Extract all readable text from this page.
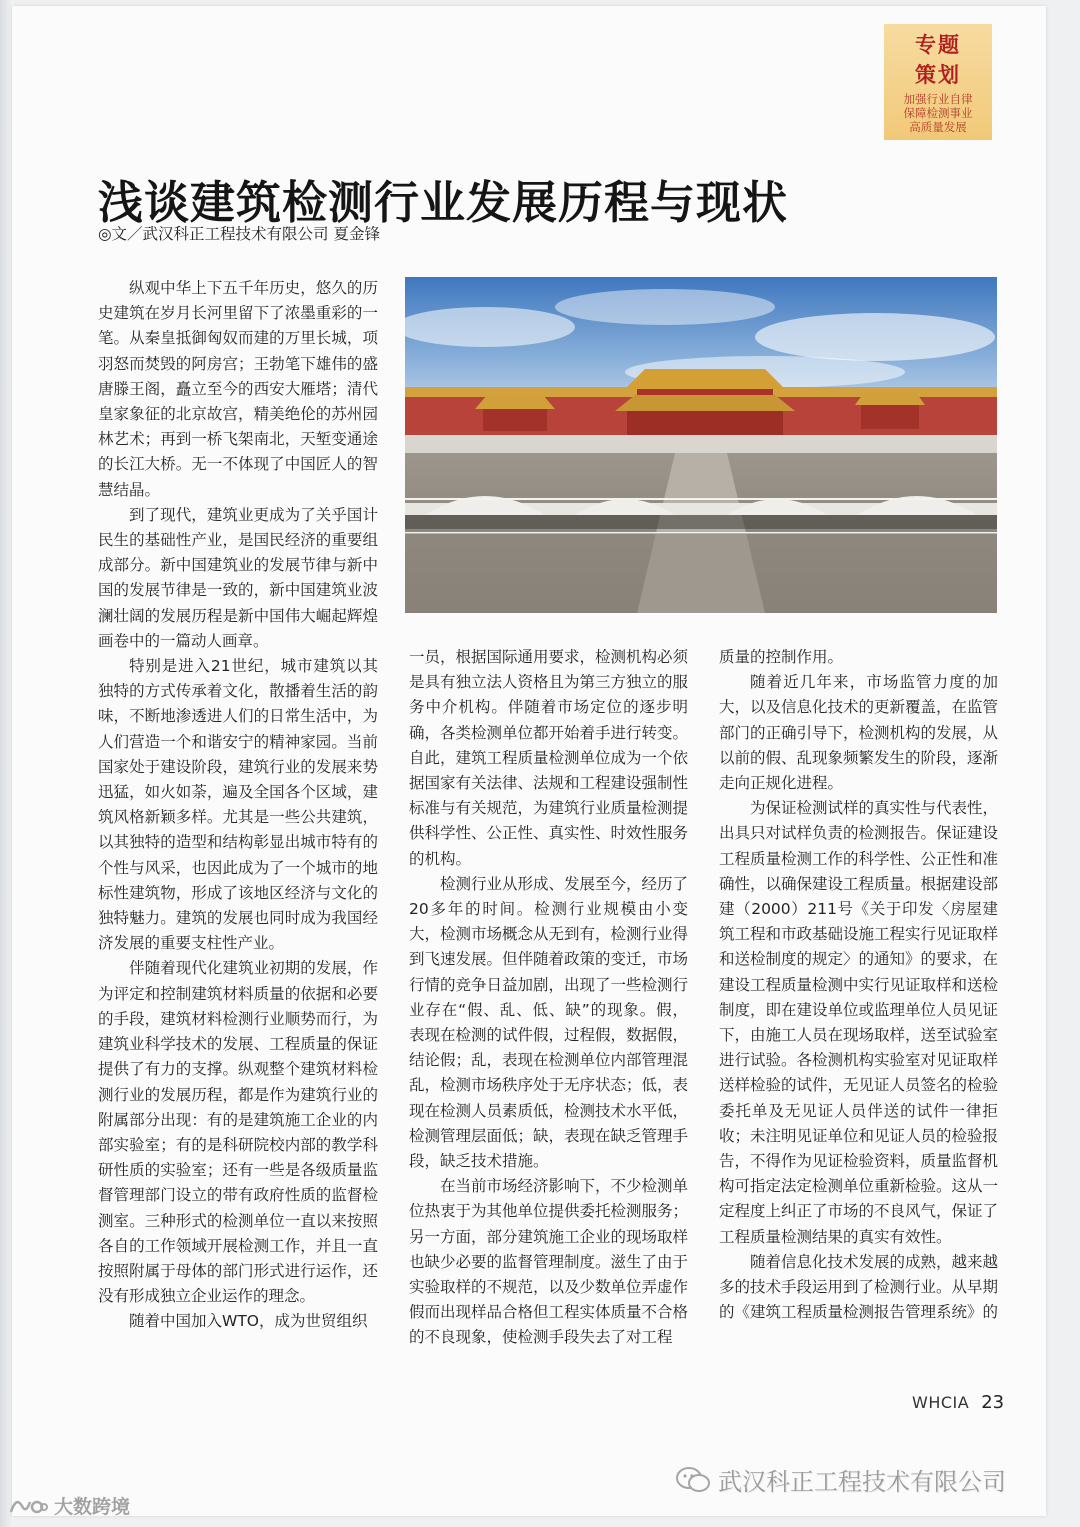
专题策划
加强行业自律
保障检测事业
高质量发展
浅谈建筑检测行业发展历程与现状
◎文／武汉科正工程技术有限公司 夏金锋

纵观中华上下五千年历史，悠久的历史建筑在岁月长河里留下了浓墨重彩的一笔。从秦皇抵御匈奴而建的万里长城，项羽怒而焚毁的阿房宫；王勃笔下雄伟的盛唐滕王阁，矗立至今的西安大雁塔；清代皇家象征的北京故宫，精美绝伦的苏州园林艺术；再到一桥飞架南北，天堑变通途的长江大桥。无一不体现了中国匠人的智慧结晶。

到了现代，建筑业更成为了关乎国计民生的基础性产业，是国民经济的重要组成部分。新中国建筑业的发展节律与新中国的发展节律是一致的，新中国建筑业波澜壮阔的发展历程是新中国伟大崛起辉煌画卷中的一篇动人画章。

特别是进入21世纪，城市建筑以其独特的方式传承着文化，散播着生活的韵味，不断地渗透进人们的日常生活中，为人们营造一个和谐安宁的精神家园。当前国家处于建设阶段，建筑行业的发展来势迅猛，如火如荼，遍及全国各个区域，建筑风格新颖多样。尤其是一些公共建筑，以其独特的造型和结构彰显出城市特有的个性与风采，也因此成为了一个城市的地标性建筑物，形成了该地区经济与文化的独特魅力。建筑的发展也同时成为我国经济发展的重要支柱性产业。

伴随着现代化建筑业初期的发展，作为评定和控制建筑材料质量的依据和必要的手段，建筑材料检测行业顺势而行，为建筑业科学技术的发展、工程质量的保证提供了有力的支撑。纵观整个建筑材料检测行业的发展历程，都是作为建筑行业的附属部分出现：有的是建筑施工企业的内部实验室；有的是科研院校内部的教学科研性质的实验室；还有一些是各级质量监督管理部门设立的带有政府性质的监督检测室。三种形式的检测单位一直以来按照各自的工作领域开展检测工作，并且一直按照附属于母体的部门形式进行运作，还没有形成独立企业运作的理念。

随着中国加入WTO，成为世贸组织

一员，根据国际通用要求，检测机构必须是具有独立法人资格且为第三方独立的服务中介机构。伴随着市场定位的逐步明确，各类检测单位都开始着手进行转变。自此，建筑工程质量检测单位成为一个依据国家有关法律、法规和工程建设强制性标准与有关规范，为建筑行业质量检测提供科学性、公正性、真实性、时效性服务的机构。

检测行业从形成、发展至今，经历了20多年的时间。检测行业规模由小变大，检测市场概念从无到有，检测行业得到飞速发展。但伴随着政策的变迁，市场行情的竞争日益加剧，出现了一些检测行业存在“假、乱、低、缺”的现象。假，表现在检测的试件假，过程假，数据假，结论假；乱，表现在检测单位内部管理混乱，检测市场秩序处于无序状态；低，表现在检测人员素质低，检测技术水平低，检测管理层面低；缺，表现在缺乏管理手段，缺乏技术措施。

在当前市场经济影响下，不少检测单位热衷于为其他单位提供委托检测服务；另一方面，部分建筑施工企业的现场取样也缺少必要的监督管理制度。滋生了由于实验取样的不规范，以及少数单位弄虚作假而出现样品合格但工程实体质量不合格的不良现象，使检测手段失去了对工程

质量的控制作用。

随着近几年来，市场监管力度的加大，以及信息化技术的更新覆盖，在监管部门的正确引导下，检测机构的发展，从以前的假、乱现象频繁发生的阶段，逐渐走向正规化进程。

为保证检测试样的真实性与代表性，出具只对试样负责的检测报告。保证建设工程质量检测工作的科学性、公正性和准确性，以确保建设工程质量。根据建设部建（2000）211号《关于印发〈房屋建筑工程和市政基础设施工程实行见证取样和送检制度的规定〉的通知》的要求，在建设工程质量检测中实行见证取样和送检制度，即在建设单位或监理单位人员见证下，由施工人员在现场取样，送至试验室进行试验。各检测机构实验室对见证取样送样检验的试件，无见证人员签名的检验委托单及无见证人员伴送的试件一律拒收；未注明见证单位和见证人员的检验报告，不得作为见证检验资料，质量监督机构可指定法定检测单位重新检验。这从一定程度上纠正了市场的不良风气，保证了工程质量检测结果的真实有效性。

随着信息化技术发展的成熟，越来越多的技术手段运用到了检测行业。从早期的《建筑工程质量检测报告管理系统》的

WHCIA 23
武汉科正工程技术有限公司
大数跨境
